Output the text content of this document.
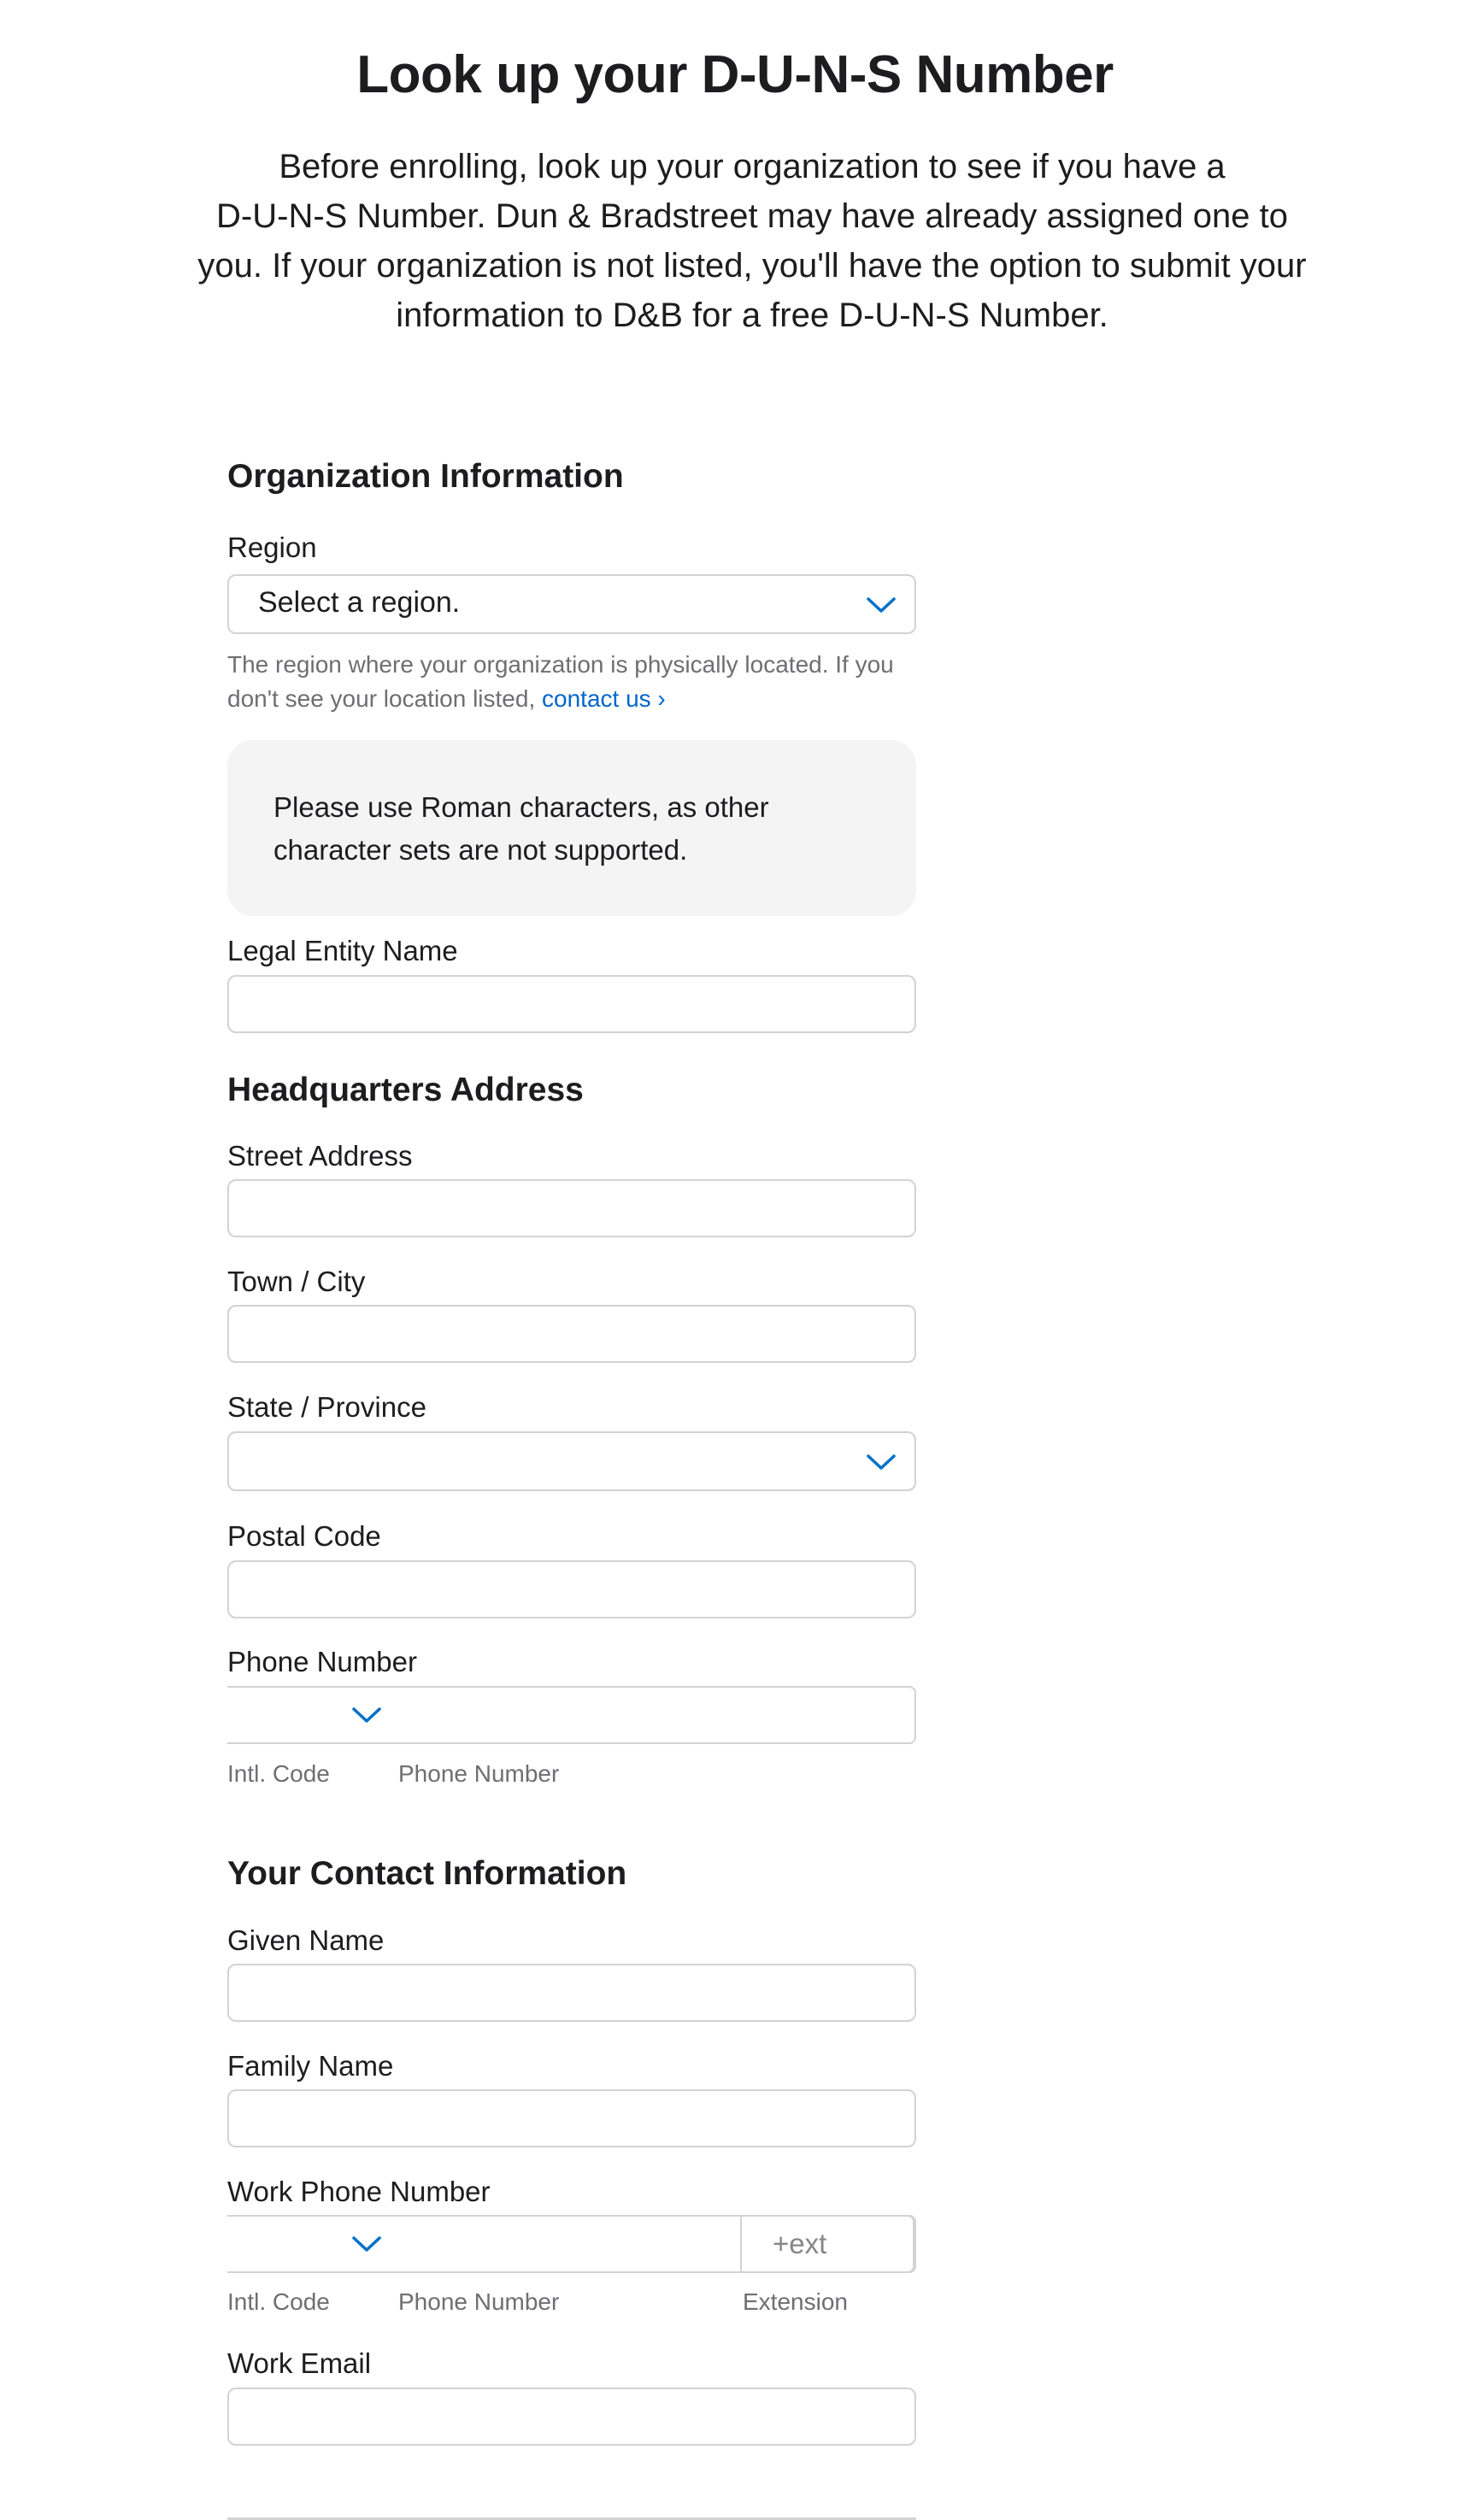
Look up your D-U-N-S Number
Before enrolling, look up your organization to see if you have a
D-U-N-S Number. Dun & Bradstreet may have already assigned one to
you. If your organization is not listed, you'll have the option to submit your
information to D&B for a free D-U-N-S Number.
Organization Information
Region
Select a region.
The region where your organization is physically located. If you don't see your location listed, contact us ›
Please use Roman characters, as other character sets are not supported.
Legal Entity Name
Headquarters Address
Street Address
Town / City
State / Province
Postal Code
Phone Number
Intl. Code	Phone Number
Your Contact Information
Given Name
Family Name
Work Phone Number
+ext
Intl. Code	Phone Number	Extension
Work Email
